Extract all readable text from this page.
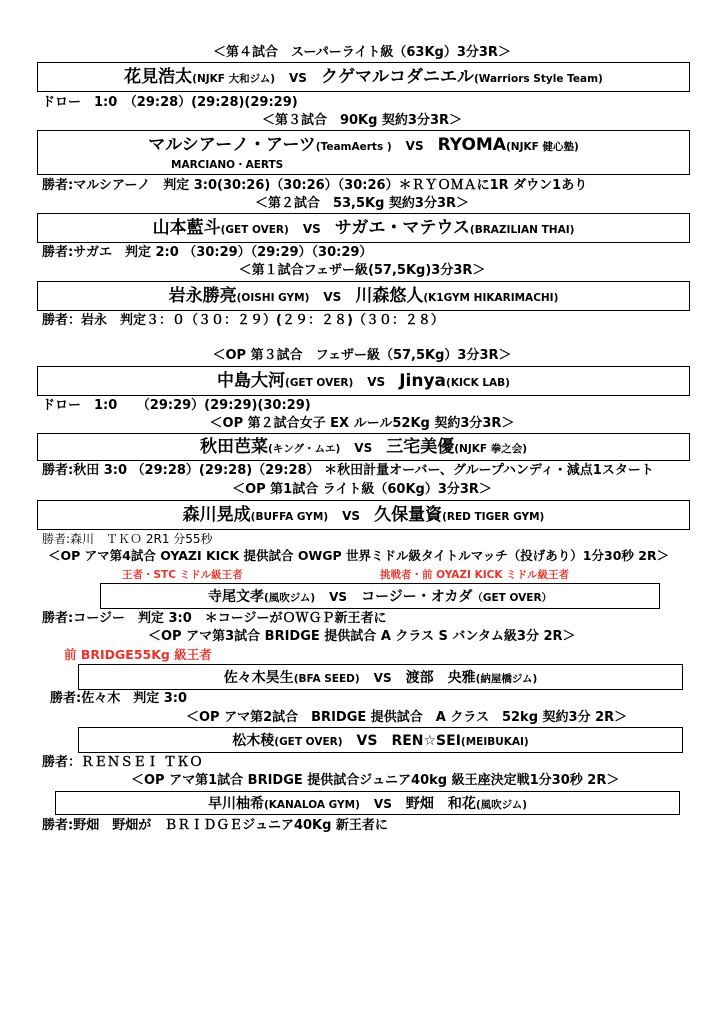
＜第４試合　スーパーライト級（63Kg）3分3R＞
花見浩太(NJKF 大和ジム) VS クゲマルコダニエル(Warriors Style Team)
ドロー　1:0　（29:28）(29:28)(29:29)
＜第３試合　90Kg 契約3分3R＞
マルシアーノ・アーツ(TeamAerts ) VS RYOMA(NJKF 健心塾)
MARCIANO・AERTS
勝者:マルシアーノ　判定 3:0(30:26)（30:26）（30:26）＊ＲＹＯＭＡに1R ダウン1あり
＜第２試合　53,5Kg 契約3分3R＞
山本藍斗(GET OVER) VS サガエ・マテウス(BRAZILIAN THAI)
勝者:サガエ　判定 2:0 （30:29）（29:29）（30:29）
＜第１試合フェザー級(57,5Kg)3分3R＞
岩永勝亮(OISHI GYM) VS 川森悠人(K1GYM HIKARIMACHI)
勝者：岩永　判定３：０（３０：２９）(２９：２８)（３０：２８）
＜OP 第３試合　フェザー級（57,5Kg）3分3R＞
中島大河(GET OVER) VS Jinya(KICK LAB)
ドロー　1:0　　（29:29）(29:29)(30:29)
＜OP 第２試合女子 EX ルール52Kg 契約3分3R＞
秋田芭菜(キング・ムエ) VS 三宅美優(NJKF 拳之会)
勝者:秋田 3:0 （29:28）(29:28)（29:28） ＊秋田計量オーバー、グループハンディ・減点1スタート
＜OP 第1試合 ライト級（60Kg）3分3R＞
森川晃成(BUFFA GYM) VS 久保量資(RED TIGER GYM)
勝者:森川　ＴＫＯ 2R1 分55秒
＜OP アマ第4試合 OYAZI KICK 提供試合 OWGP 世界ミドル級タイトルマッチ（投げあり）1分30秒 2R＞
王者・STC ミドル級王者	挑戦者・前 OYAZI KICK ミドル級王者
寺尾文孝(風吹ジム) VS コージー・オカダ（GET OVER）
勝者:コージー　判定 3:0　＊コージーがＯＷＧＰ新王者に
＜OP アマ第3試合 BRIDGE 提供試合 A クラス S バンタム級3分 2R＞
前 BRIDGE55Kg 級王者
佐々木昊生(BFA SEED) VS 渡部　央雅(納屋橋ジム)
勝者:佐々木　判定 3:0
＜OP アマ第2試合　BRIDGE 提供試合　A クラス　52kg 契約3分 2R＞
松木稜(GET OVER) VS REN☆SEI(MEIBUKAI)
勝者：ＲＥＮＳＥＩ ＴＫＯ
＜OP アマ第1試合 BRIDGE 提供試合ジュニア40kg 級王座決定戦1分30秒 2R＞
早川柚希(KANALOA GYM) VS 野畑　和花(風吹ジム)
勝者:野畑　野畑が　ＢＲＩＤＧＥジュニア40Kg 新王者に
